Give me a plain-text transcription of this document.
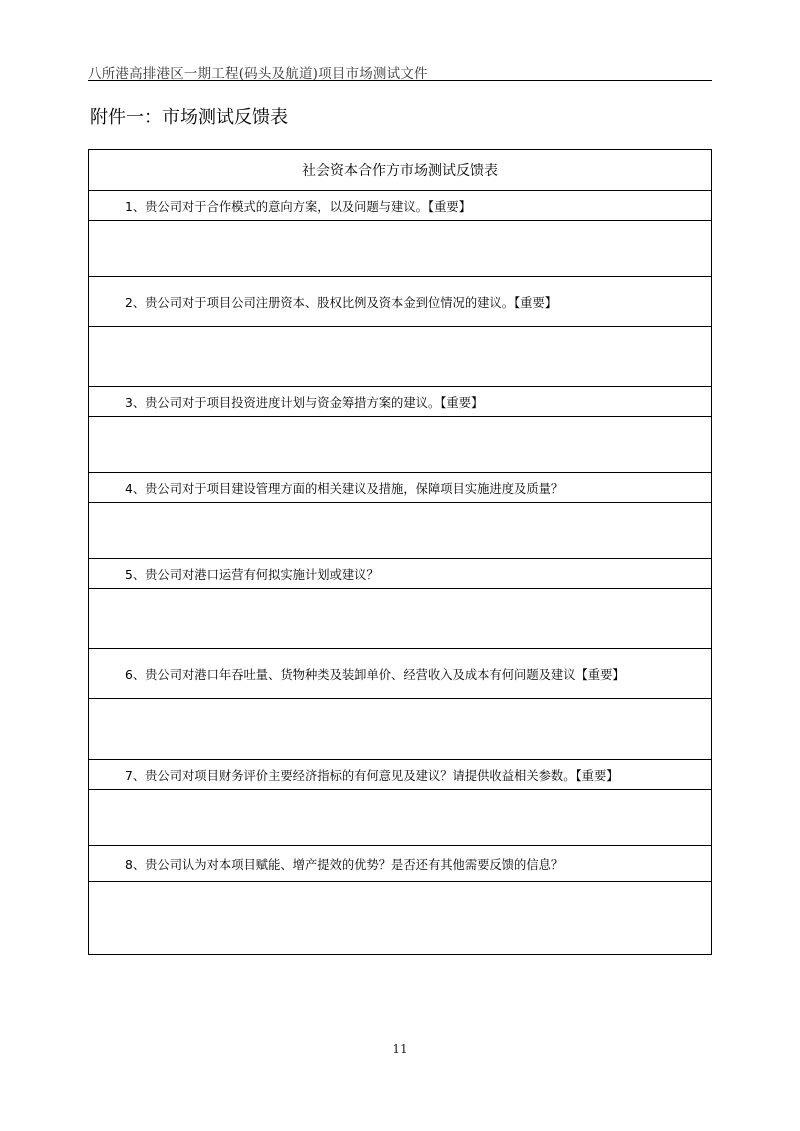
八所港高排港区一期工程(码头及航道)项目市场测试文件
附件一：市场测试反馈表
社会资本合作方市场测试反馈表
1、贵公司对于合作模式的意向方案，以及问题与建议。【重要】

2、贵公司对于项目公司注册资本、股权比例及资本金到位情况的建议。【重要】

3、贵公司对于项目投资进度计划与资金筹措方案的建议。【重要】

4、贵公司对于项目建设管理方面的相关建议及措施，保障项目实施进度及质量？

5、贵公司对港口运营有何拟实施计划或建议？

6、贵公司对港口年吞吐量、货物种类及装卸单价、经营收入及成本有何问题及建议【重要】

7、贵公司对项目财务评价主要经济指标的有何意见及建议？请提供收益相关参数。【重要】

8、贵公司认为对本项目赋能、增产提效的优势？是否还有其他需要反馈的信息？

11
